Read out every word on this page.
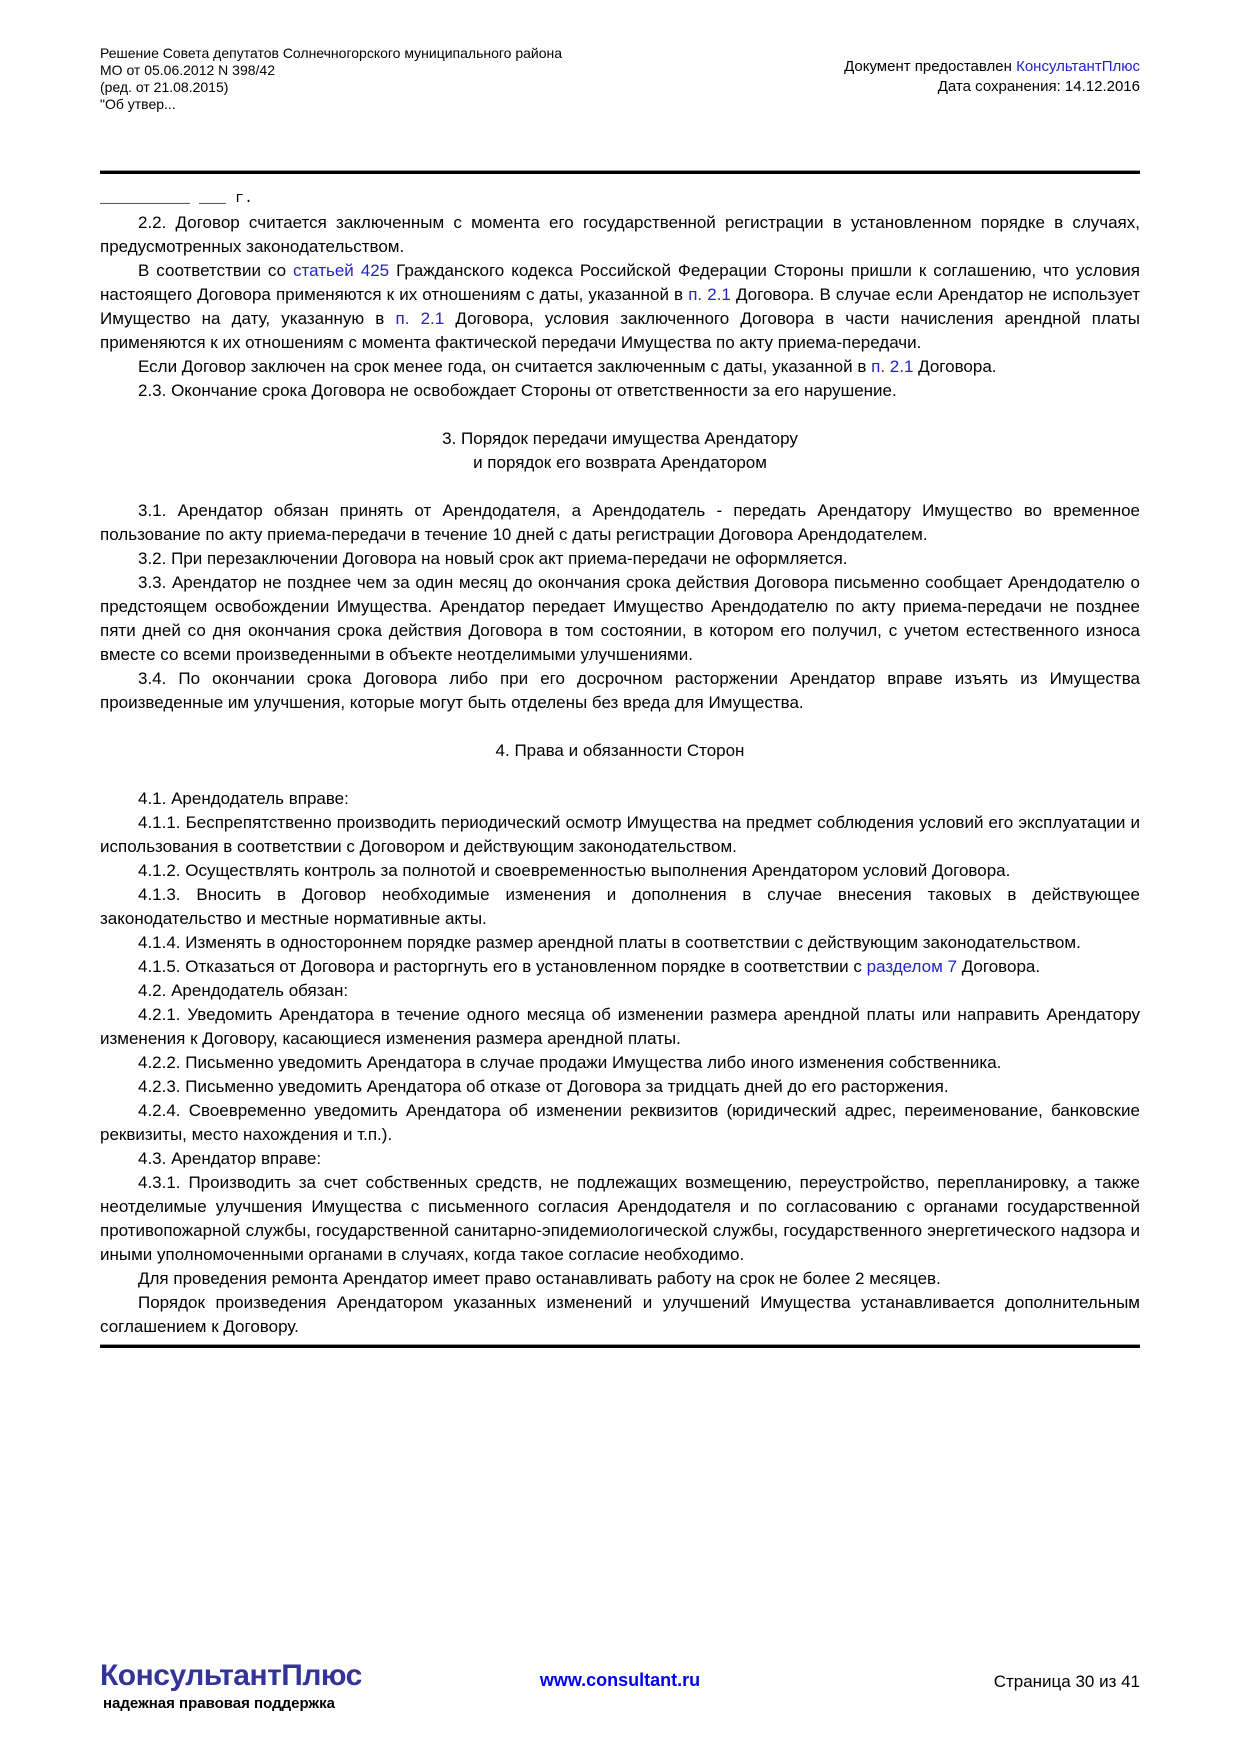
Решение Совета депутатов Солнечногорского муниципального района
МО от 05.06.2012 N 398/42
(ред. от 21.08.2015)
"Об утвер...
Документ предоставлен КонсультантПлюс
Дата сохранения: 14.12.2016
__________ ___ г.

2.2. Договор считается заключенным с момента его государственной регистрации в установленном порядке в случаях, предусмотренных законодательством.

В соответствии со статьей 425 Гражданского кодекса Российской Федерации Стороны пришли к соглашению, что условия настоящего Договора применяются к их отношениям с даты, указанной в п. 2.1 Договора. В случае если Арендатор не использует Имущество на дату, указанную в п. 2.1 Договора, условия заключенного Договора в части начисления арендной платы применяются к их отношениям с момента фактической передачи Имущества по акту приема-передачи.

Если Договор заключен на срок менее года, он считается заключенным с даты, указанной в п. 2.1 Договора.

2.3. Окончание срока Договора не освобождает Стороны от ответственности за его нарушение.

3. Порядок передачи имущества Арендатору
и порядок его возврата Арендатором

3.1. Арендатор обязан принять от Арендодателя, а Арендодатель - передать Арендатору Имущество во временное пользование по акту приема-передачи в течение 10 дней с даты регистрации Договора Арендодателем.

3.2. При перезаключении Договора на новый срок акт приема-передачи не оформляется.

3.3. Арендатор не позднее чем за один месяц до окончания срока действия Договора письменно сообщает Арендодателю о предстоящем освобождении Имущества. Арендатор передает Имущество Арендодателю по акту приема-передачи не позднее пяти дней со дня окончания срока действия Договора в том состоянии, в котором его получил, с учетом естественного износа вместе со всеми произведенными в объекте неотделимыми улучшениями.

3.4. По окончании срока Договора либо при его досрочном расторжении Арендатор вправе изъять из Имущества произведенные им улучшения, которые могут быть отделены без вреда для Имущества.

4. Права и обязанности Сторон

4.1. Арендодатель вправе:

4.1.1. Беспрепятственно производить периодический осмотр Имущества на предмет соблюдения условий его эксплуатации и использования в соответствии с Договором и действующим законодательством.

4.1.2. Осуществлять контроль за полнотой и своевременностью выполнения Арендатором условий Договора.

4.1.3. Вносить в Договор необходимые изменения и дополнения в случае внесения таковых в действующее законодательство и местные нормативные акты.

4.1.4. Изменять в одностороннем порядке размер арендной платы в соответствии с действующим законодательством.

4.1.5. Отказаться от Договора и расторгнуть его в установленном порядке в соответствии с разделом 7 Договора.

4.2. Арендодатель обязан:

4.2.1. Уведомить Арендатора в течение одного месяца об изменении размера арендной платы или направить Арендатору изменения к Договору, касающиеся изменения размера арендной платы.

4.2.2. Письменно уведомить Арендатора в случае продажи Имущества либо иного изменения собственника.

4.2.3. Письменно уведомить Арендатора об отказе от Договора за тридцать дней до его расторжения.

4.2.4. Своевременно уведомить Арендатора об изменении реквизитов (юридический адрес, переименование, банковские реквизиты, место нахождения и т.п.).

4.3. Арендатор вправе:

4.3.1. Производить за счет собственных средств, не подлежащих возмещению, переустройство, перепланировку, а также неотделимые улучшения Имущества с письменного согласия Арендодателя и по согласованию с органами государственной противопожарной службы, государственной санитарно-эпидемиологической службы, государственного энергетического надзора и иными уполномоченными органами в случаях, когда такое согласие необходимо.

Для проведения ремонта Арендатор имеет право останавливать работу на срок не более 2 месяцев.

Порядок произведения Арендатором указанных изменений и улучшений Имущества устанавливается дополнительным соглашением к Договору.

КонсультантПлюс
надежная правовая поддержка
www.consultant.ru	Страница 30 из 41
